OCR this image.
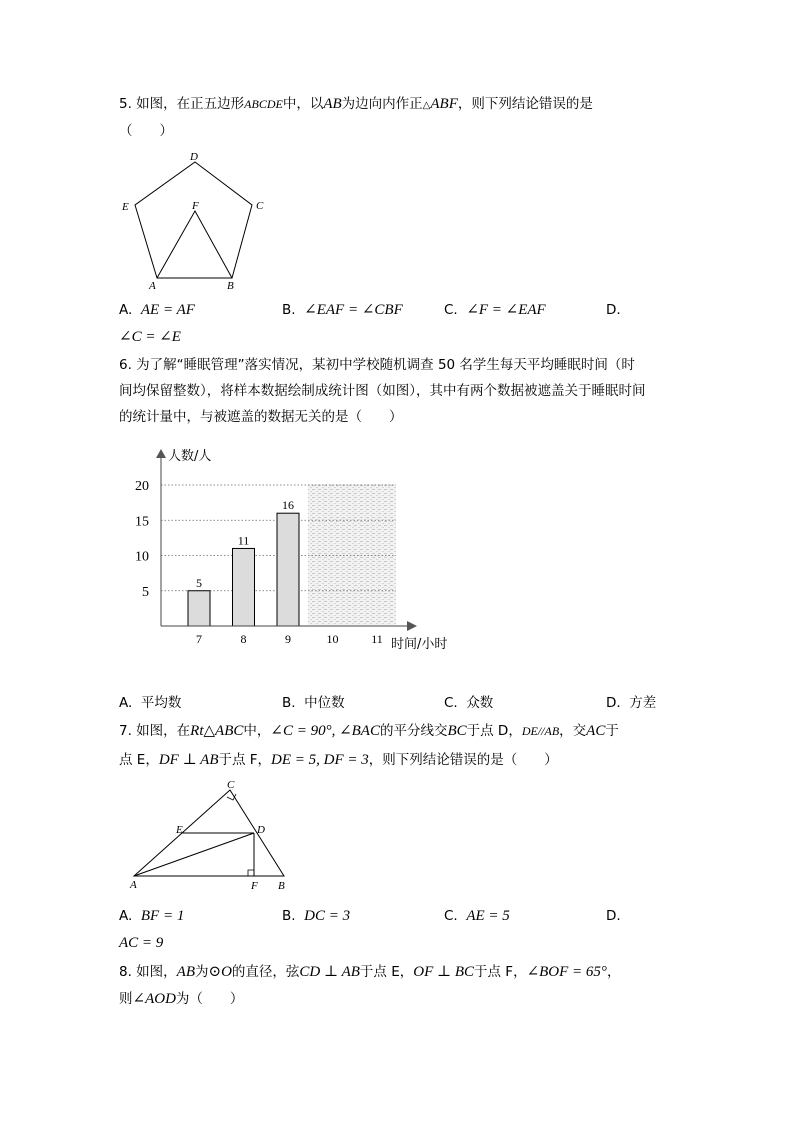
5. 如图，在正五边形ABCDE中，以AB为边向内作正△ABF，则下列结论错误的是
（　　）
D
C
E	F
A	B
A. AE = AF	B. ∠EAF = ∠CBF	C. ∠F = ∠EAF	D.
∠C = ∠E
6. 为了解“睡眠管理”落实情况，某初中学校随机调查 50 名学生每天平均睡眠时间（时
间均保留整数），将样本数据绘制成统计图（如图），其中有两个数据被遮盖关于睡眠时间
的统计量中，与被遮盖的数据无关的是（　　）
5
11
16
人数/人
时间/小时
5
10
15
20
7	8	9	10	11
A. 平均数	B. 中位数	C. 众数	D. 方差
7. 如图，在Rt△ABC中，∠C = 90°, ∠BAC的平分线交BC于点 D，DE//AB，交AC于
点 E，DF ⊥ AB于点 F，DE = 5, DF = 3，则下列结论错误的是（　　）
C
E	D
A	F B
A. BF = 1	B. DC = 3	C. AE = 5	D.
AC = 9
8. 如图，AB为⊙O的直径，弦CD ⊥ AB于点 E，OF ⊥ BC于点 F，∠BOF = 65°，
则∠AOD为（　　）
